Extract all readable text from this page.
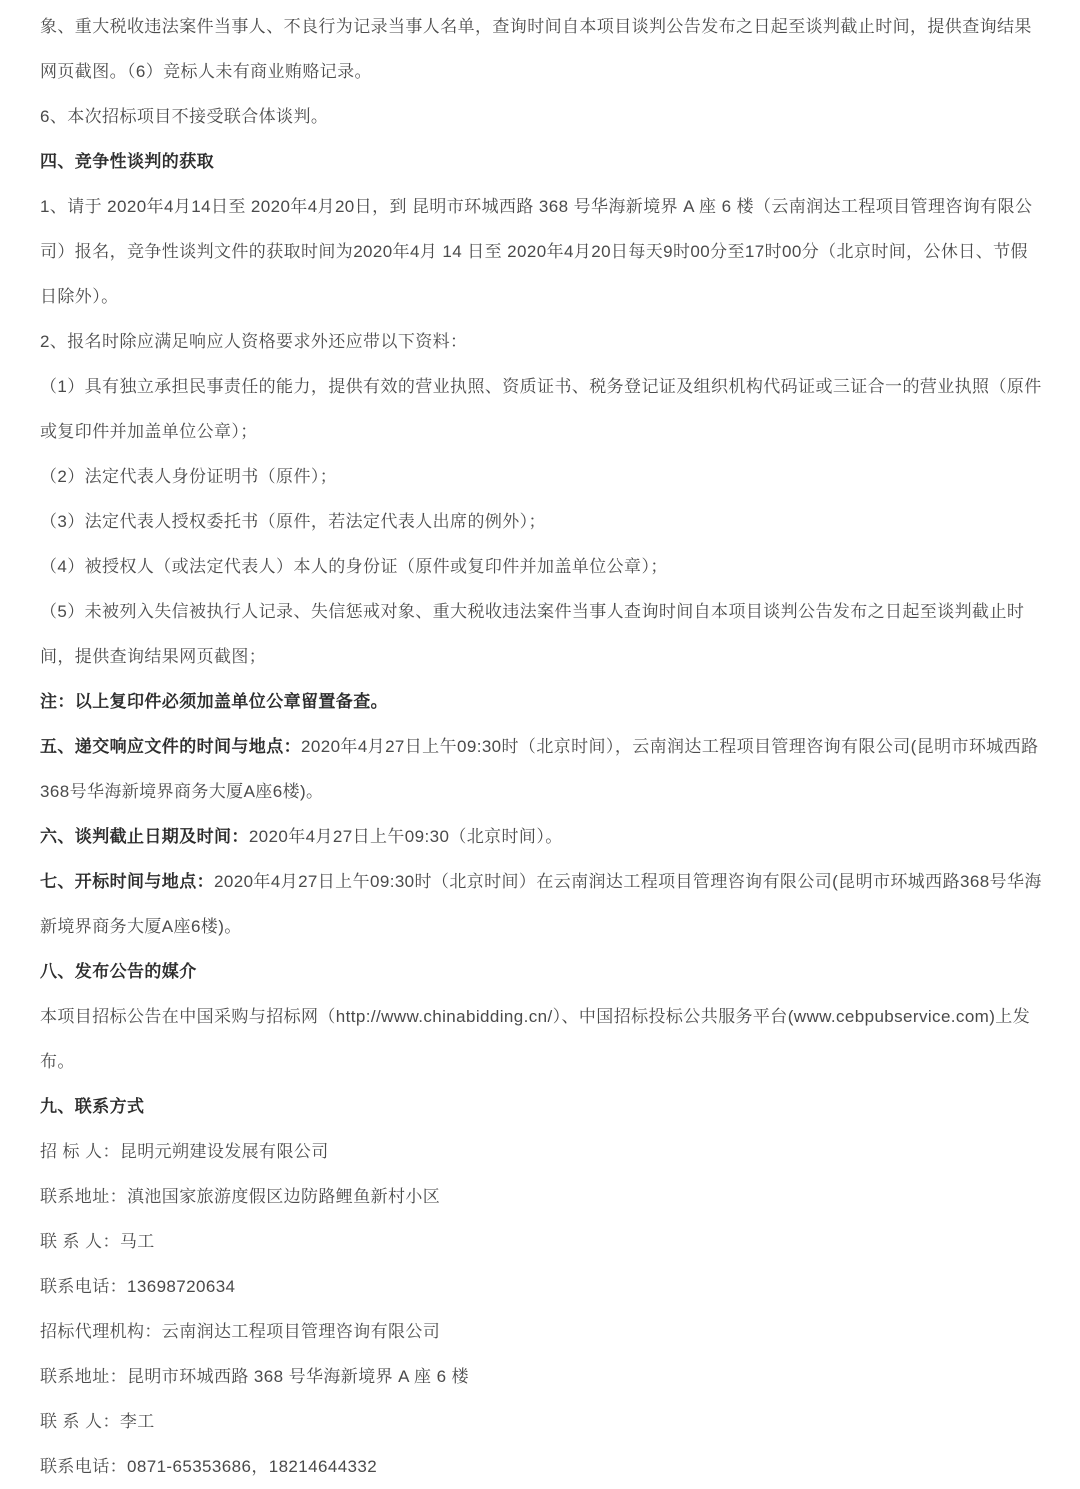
象、重大税收违法案件当事人、不良行为记录当事人名单，查询时间自本项目谈判公告发布之日起至谈判截止时间，提供查询结果网页截图。（6）竞标人未有商业贿赂记录。

6、本次招标项目不接受联合体谈判。

四、竞争性谈判的获取

1、请于 2020年4月14日至 2020年4月20日，到 昆明市环城西路 368 号华海新境界 A 座 6 楼（云南润达工程项目管理咨询有限公司）报名，竞争性谈判文件的获取时间为2020年4月 14 日至 2020年4月20日每天9时00分至17时00分（北京时间，公休日、节假日除外）。

2、报名时除应满足响应人资格要求外还应带以下资料：

（1）具有独立承担民事责任的能力，提供有效的营业执照、资质证书、税务登记证及组织机构代码证或三证合一的营业执照（原件或复印件并加盖单位公章）；

（2）法定代表人身份证明书（原件）；

（3）法定代表人授权委托书（原件，若法定代表人出席的例外）；

（4）被授权人（或法定代表人）本人的身份证（原件或复印件并加盖单位公章）；

（5）未被列入失信被执行人记录、失信惩戒对象、重大税收违法案件当事人查询时间自本项目谈判公告发布之日起至谈判截止时间，提供查询结果网页截图；

注：以上复印件必须加盖单位公章留置备查。

五、递交响应文件的时间与地点：2020年4月27日上午09:30时（北京时间），云南润达工程项目管理咨询有限公司(昆明市环城西路368号华海新境界商务大厦A座6楼)。

六、谈判截止日期及时间：2020年4月27日上午09:30（北京时间）。

七、开标时间与地点：2020年4月27日上午09:30时（北京时间）在云南润达工程项目管理咨询有限公司(昆明市环城西路368号华海新境界商务大厦A座6楼)。

八、发布公告的媒介

本项目招标公告在中国采购与招标网（http://www.chinabidding.cn/）、中国招标投标公共服务平台(www.cebpubservice.com)上发布。

九、联系方式

招 标 人：昆明元朔建设发展有限公司

联系地址：滇池国家旅游度假区边防路鲤鱼新村小区

联 系 人：马工

联系电话：13698720634

招标代理机构：云南润达工程项目管理咨询有限公司

联系地址：昆明市环城西路 368 号华海新境界 A 座 6 楼

联 系 人：李工

联系电话：0871-65353686，18214644332
